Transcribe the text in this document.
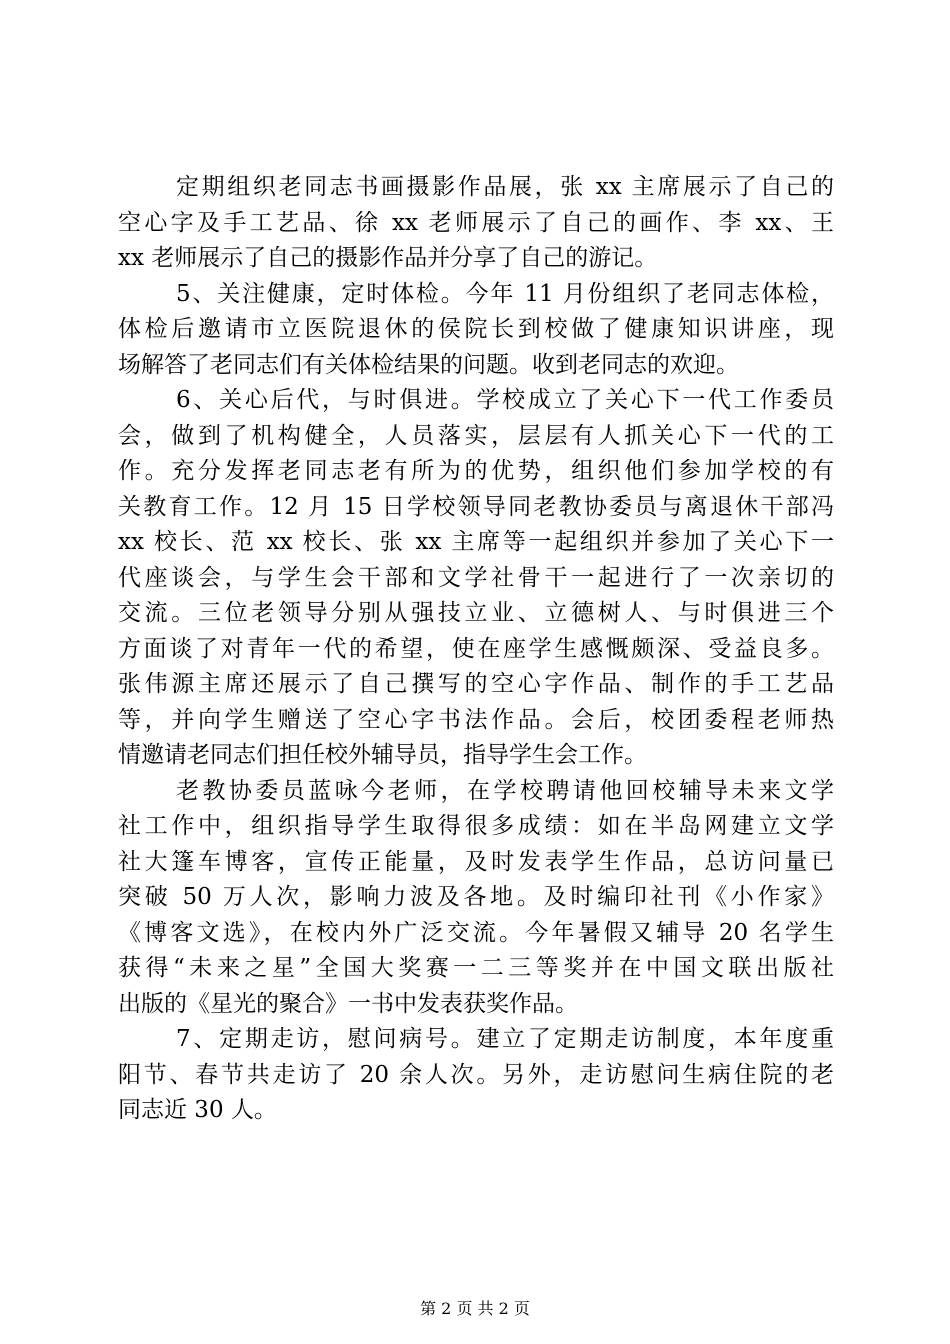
定期组织老同志书画摄影作品展，张 xx 主席展示了自己的
空心字及手工艺品、徐 xx 老师展示了自己的画作、李 xx、王
xx 老师展示了自己的摄影作品并分享了自己的游记。
5、关注健康，定时体检。今年 11 月份组织了老同志体检，
体检后邀请市立医院退休的侯院长到校做了健康知识讲座，现
场解答了老同志们有关体检结果的问题。收到老同志的欢迎。
6、关心后代，与时俱进。学校成立了关心下一代工作委员
会，做到了机构健全，人员落实，层层有人抓关心下一代的工
作。充分发挥老同志老有所为的优势，组织他们参加学校的有
关教育工作。12 月 15 日学校领导同老教协委员与离退休干部冯
xx 校长、范 xx 校长、张 xx 主席等一起组织并参加了关心下一
代座谈会，与学生会干部和文学社骨干一起进行了一次亲切的
交流。三位老领导分别从强技立业、立德树人、与时俱进三个
方面谈了对青年一代的希望，使在座学生感慨颇深、受益良多。
张伟源主席还展示了自己撰写的空心字作品、制作的手工艺品
等，并向学生赠送了空心字书法作品。会后，校团委程老师热
情邀请老同志们担任校外辅导员，指导学生会工作。
老教协委员蓝咏今老师，在学校聘请他回校辅导未来文学
社工作中，组织指导学生取得很多成绩：如在半岛网建立文学
社大篷车博客，宣传正能量，及时发表学生作品，总访问量已
突破 50 万人次，影响力波及各地。及时编印社刊《小作家》
《博客文选》，在校内外广泛交流。今年暑假又辅导 20 名学生
获得“未来之星”全国大奖赛一二三等奖并在中国文联出版社
出版的《星光的聚合》一书中发表获奖作品。
7、定期走访，慰问病号。建立了定期走访制度，本年度重
阳节、春节共走访了 20 余人次。另外，走访慰问生病住院的老
同志近 30 人。
第 2 页 共 2 页
